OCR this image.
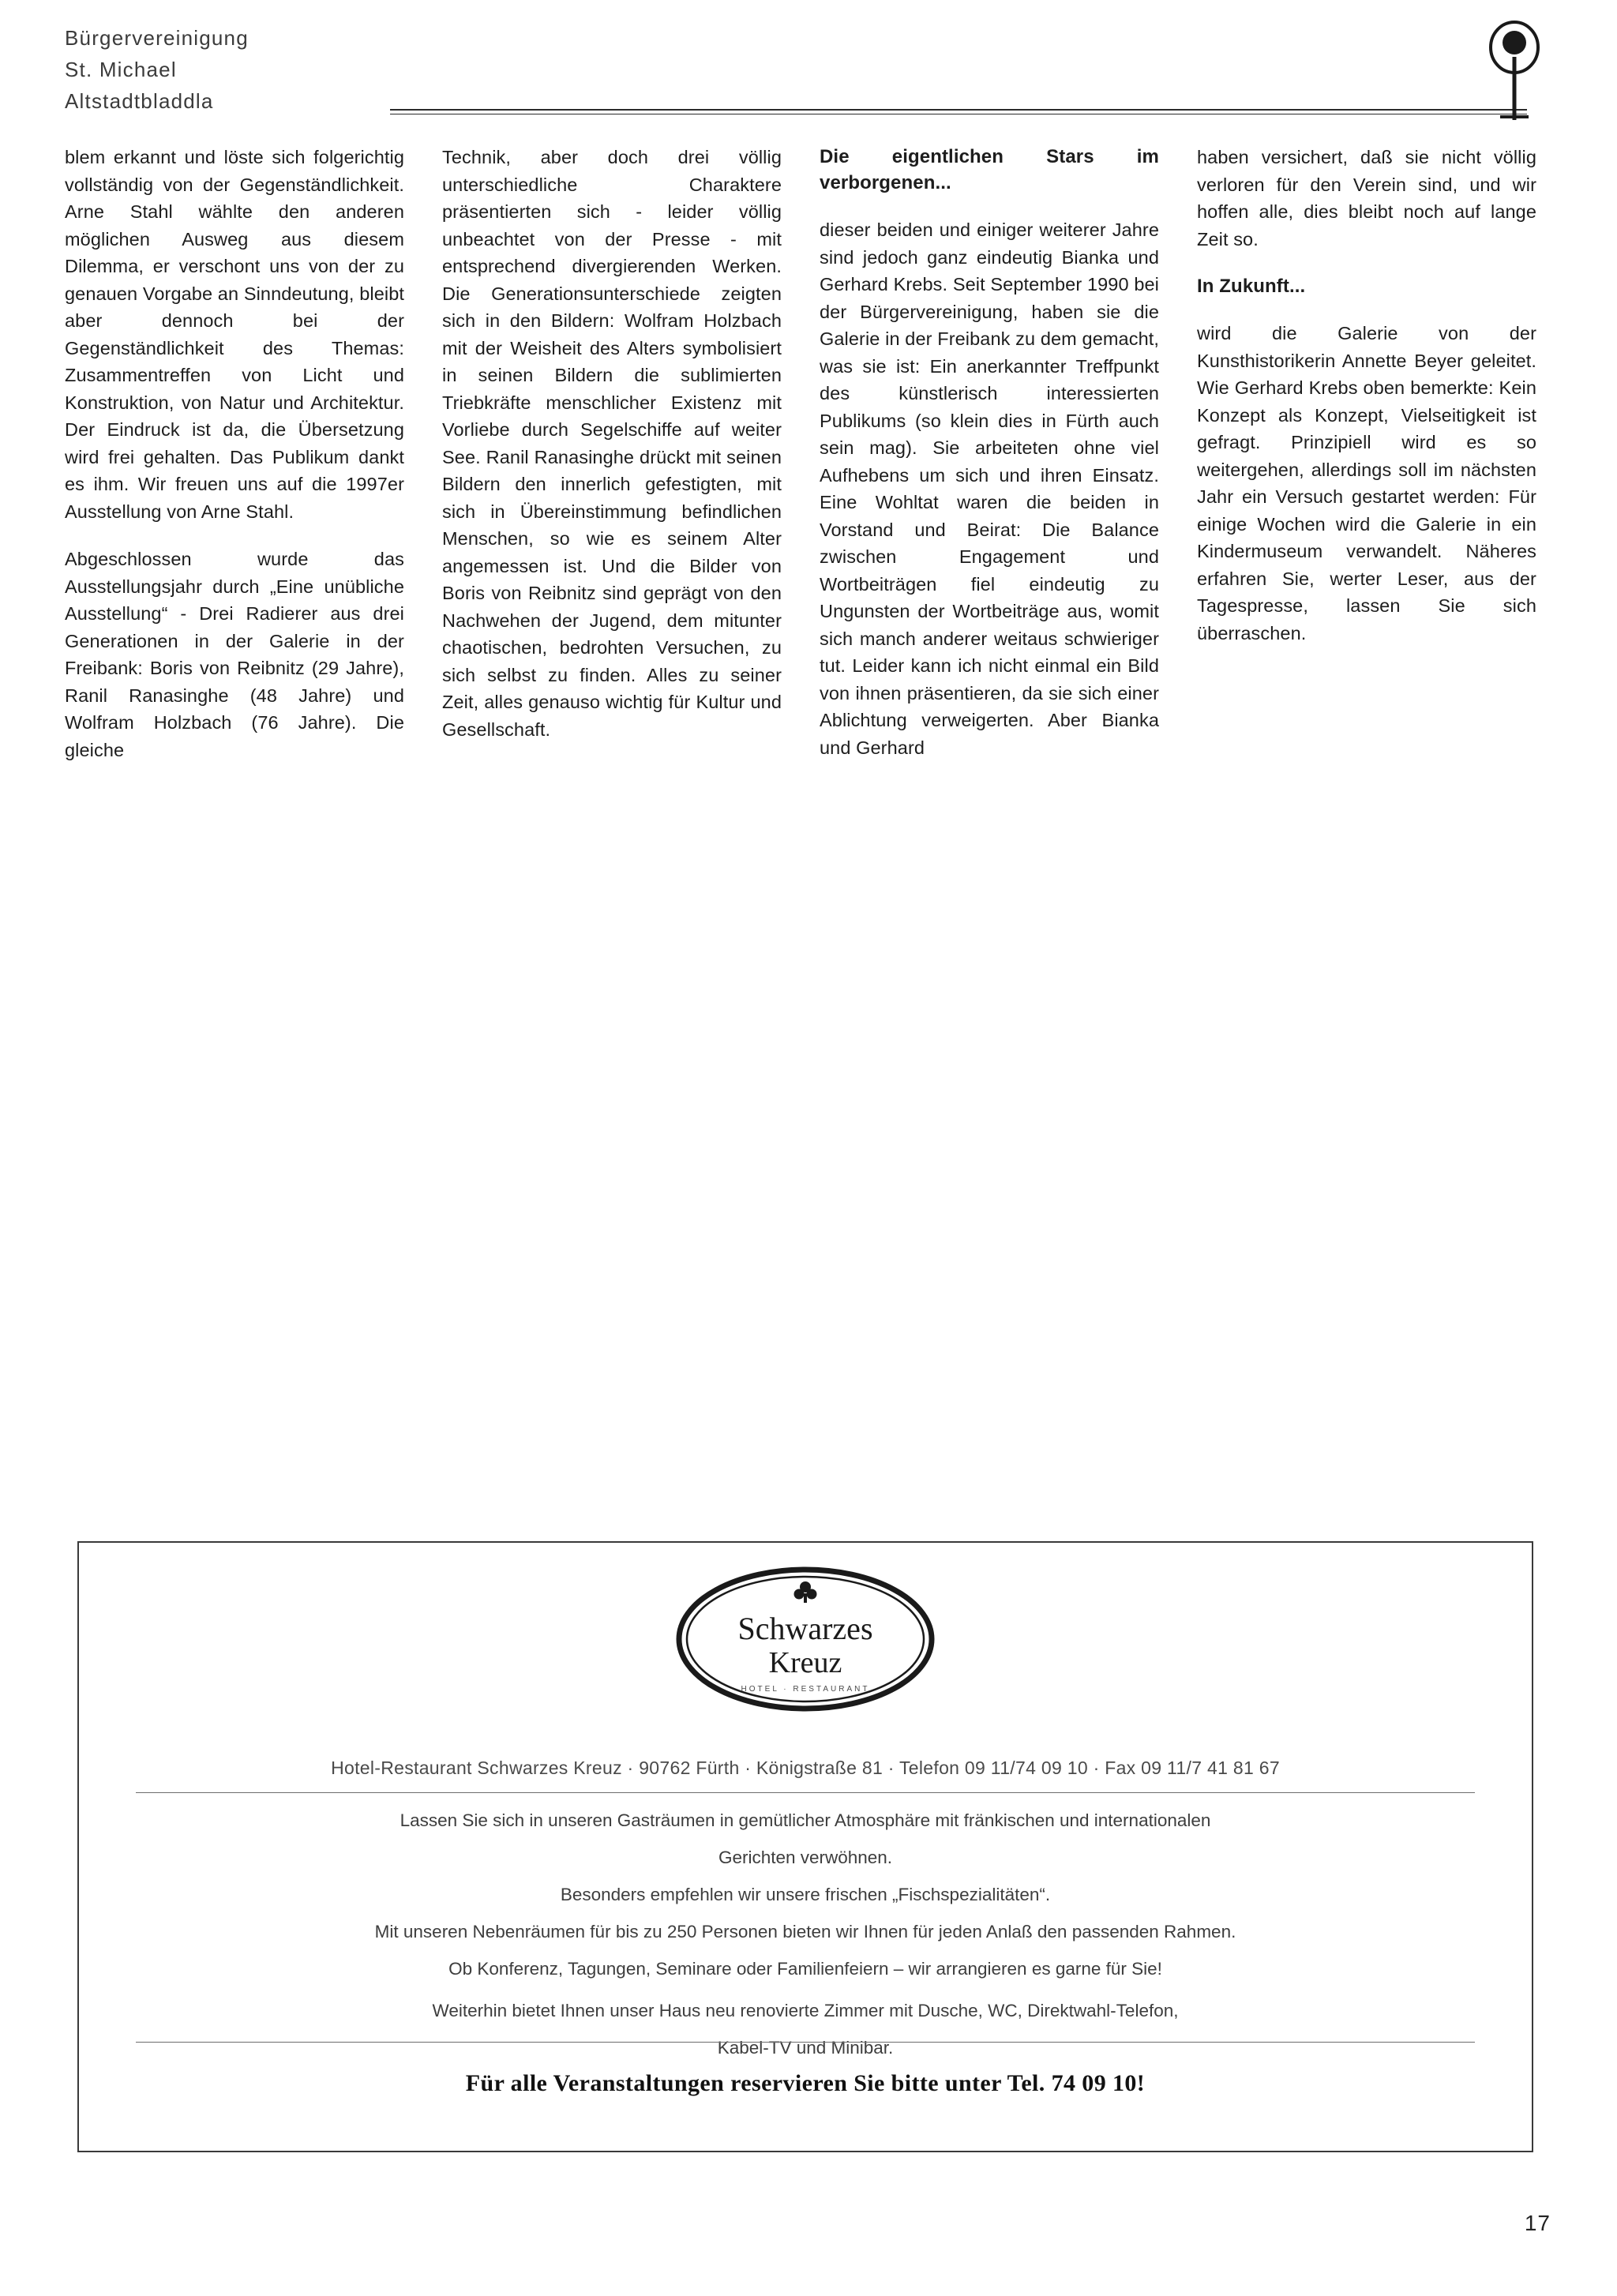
Bürgervereinigung
St. Michael
Altstadtbladdla

blem erkannt und löste sich folgerichtig vollständig von der Gegenständlichkeit. Arne Stahl wählte den anderen möglichen Ausweg aus diesem Dilemma, er verschont uns von der zu genauen Vorgabe an Sinndeutung, bleibt aber dennoch bei der Gegenständlichkeit des Themas: Zusammentreffen von Licht und Konstruktion, von Natur und Architektur. Der Eindruck ist da, die Übersetzung wird frei gehalten. Das Publikum dankt es ihm. Wir freuen uns auf die 1997er Ausstellung von Arne Stahl.

Abgeschlossen wurde das Ausstellungsjahr durch „Eine unübliche Ausstellung“ - Drei Radierer aus drei Generationen in der Galerie in der Freibank: Boris von Reibnitz (29 Jahre), Ranil Ranasinghe (48 Jahre) und Wolfram Holzbach (76 Jahre). Die gleiche

Technik, aber doch drei völlig unterschiedliche Charaktere präsentierten sich - leider völlig unbeachtet von der Presse - mit entsprechend divergierenden Werken. Die Generationsunterschiede zeigten sich in den Bildern: Wolfram Holzbach mit der Weisheit des Alters symbolisiert in seinen Bildern die sublimierten Triebkräfte menschlicher Existenz mit Vorliebe durch Segelschiffe auf weiter See. Ranil Ranasinghe drückt mit seinen Bildern den innerlich gefestigten, mit sich in Übereinstimmung befindlichen Menschen, so wie es seinem Alter angemessen ist. Und die Bilder von Boris von Reibnitz sind geprägt von den Nachwehen der Jugend, dem mitunter chaotischen, bedrohten Versuchen, zu sich selbst zu finden. Alles zu seiner Zeit, alles genauso wichtig für Kultur und Gesellschaft.

Die eigentlichen Stars im verborgenen...

dieser beiden und einiger weiterer Jahre sind jedoch ganz eindeutig Bianka und Gerhard Krebs. Seit September 1990 bei der Bürgervereinigung, haben sie die Galerie in der Freibank zu dem gemacht, was sie ist: Ein anerkannter Treffpunkt des künstlerisch interessierten Publikums (so klein dies in Fürth auch sein mag). Sie arbeiteten ohne viel Aufhebens um sich und ihren Einsatz. Eine Wohltat waren die beiden in Vorstand und Beirat: Die Balance zwischen Engagement und Wortbeiträgen fiel eindeutig zu Ungunsten der Wortbeiträge aus, womit sich manch anderer weitaus schwieriger tut. Leider kann ich nicht einmal ein Bild von ihnen präsentieren, da sie sich einer Ablichtung verweigerten. Aber Bianka und Gerhard

haben versichert, daß sie nicht völlig verloren für den Verein sind, und wir hoffen alle, dies bleibt noch auf lange Zeit so.

In Zukunft...

wird die Galerie von der Kunsthistorikerin Annette Beyer geleitet. Wie Gerhard Krebs oben bemerkte: Kein Konzept als Konzept, Vielseitigkeit ist gefragt. Prinzipiell wird es so weitergehen, allerdings soll im nächsten Jahr ein Versuch gestartet werden: Für einige Wochen wird die Galerie in ein Kindermuseum verwandelt. Näheres erfahren Sie, werter Leser, aus der Tagespresse, lassen Sie sich überraschen.

Schwarzes
Kreuz
HOTEL · RESTAURANT
Hotel-Restaurant Schwarzes Kreuz · 90762 Fürth · Königstraße 81 · Telefon 09 11/74 09 10 · Fax 09 11/7 41 81 67

Lassen Sie sich in unseren Gasträumen in gemütlicher Atmosphäre mit fränkischen und internationalen

Gerichten verwöhnen.

Besonders empfehlen wir unsere frischen „Fischspezialitäten“.

Mit unseren Nebenräumen für bis zu 250 Personen bieten wir Ihnen für jeden Anlaß den passenden Rahmen.

Ob Konferenz, Tagungen, Seminare oder Familienfeiern – wir arrangieren es garne für Sie!

Weiterhin bietet Ihnen unser Haus neu renovierte Zimmer mit Dusche, WC, Direktwahl-Telefon,

Kabel-TV und Minibar.

Für alle Veranstaltungen reservieren Sie bitte unter Tel. 74 09 10!
17
